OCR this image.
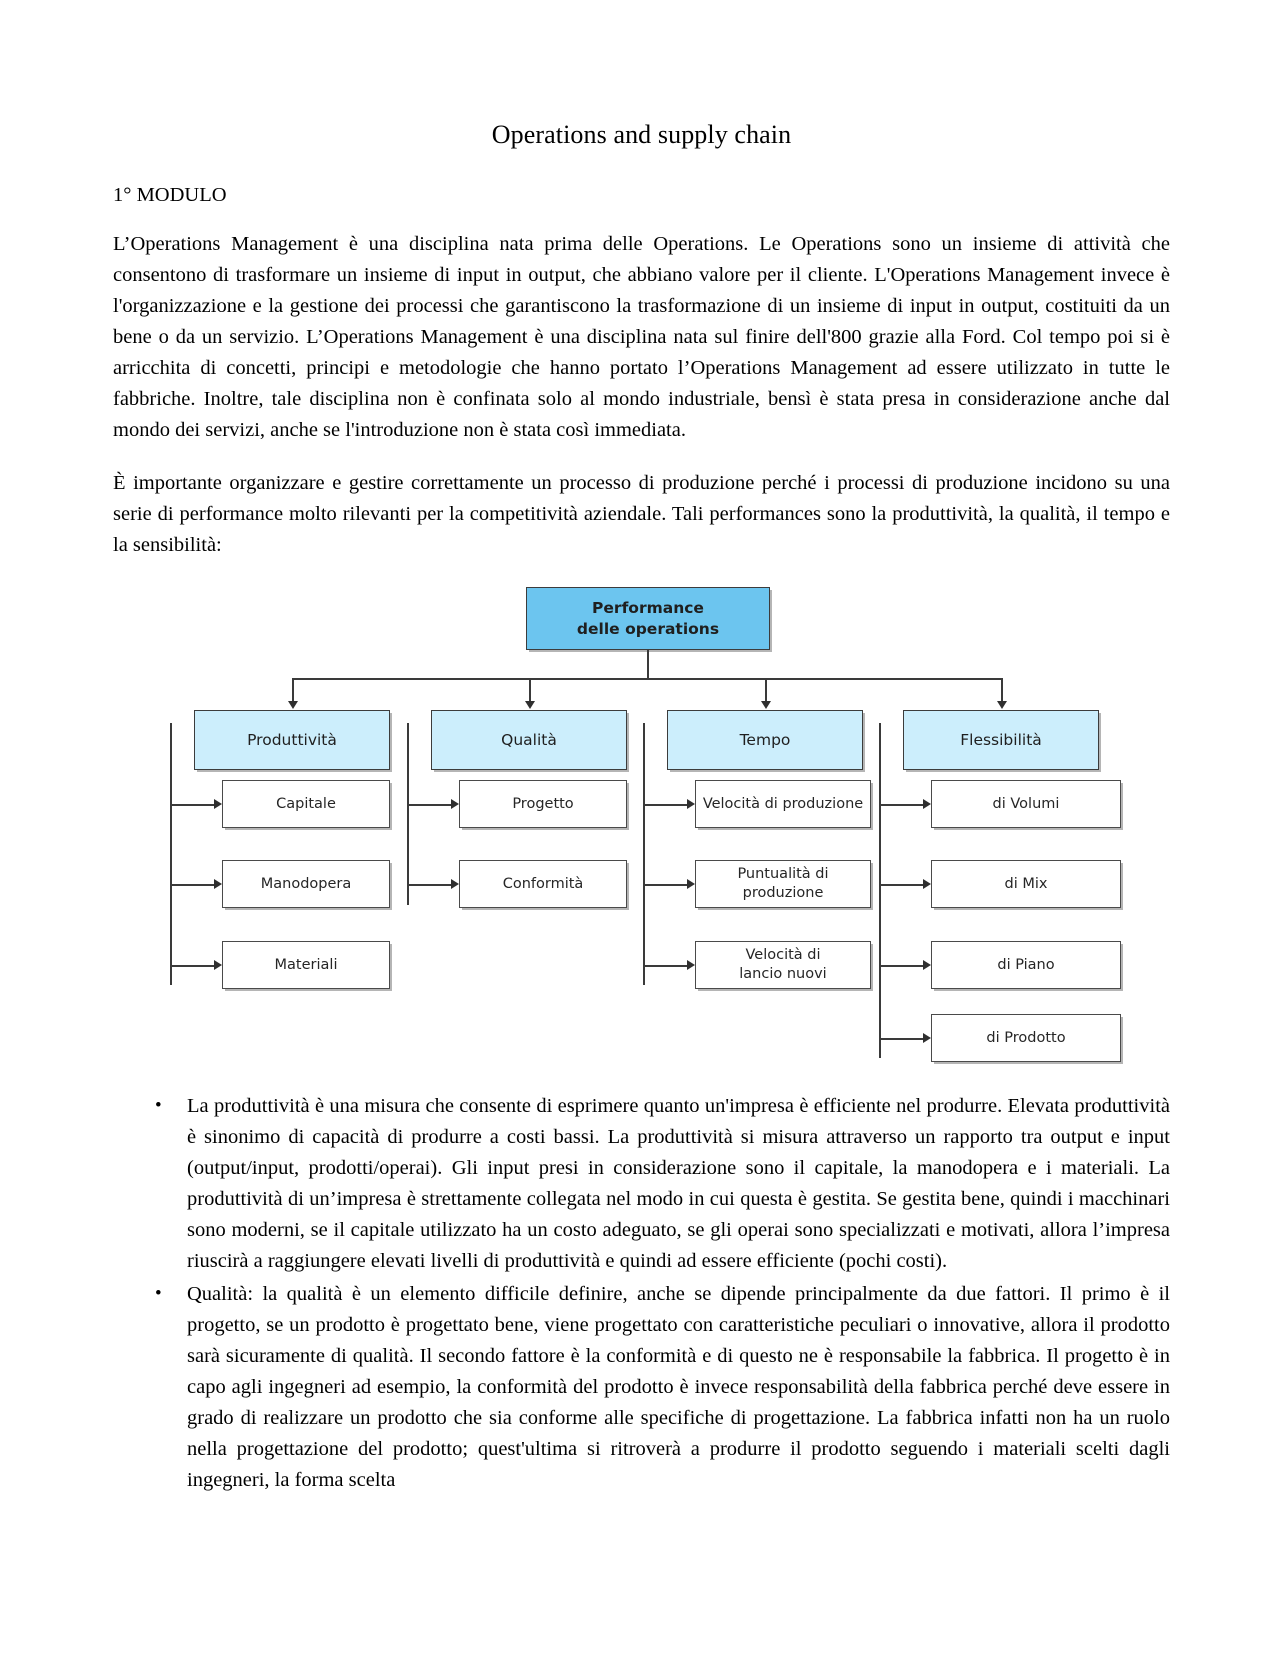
Operations and supply chain
1° MODULO

L’Operations Management è una disciplina nata prima delle Operations. Le Operations sono un insieme di attività che consentono di trasformare un insieme di input in output, che abbiano valore per il cliente. L'Operations Management invece è l'organizzazione e la gestione dei processi che garantiscono la trasformazione di un insieme di input in output, costituiti da un bene o da un servizio. L’Operations Management è una disciplina nata sul finire dell'800 grazie alla Ford. Col tempo poi si è arricchita di concetti, principi e metodologie che hanno portato l’Operations Management ad essere utilizzato in tutte le fabbriche. Inoltre, tale disciplina non è confinata solo al mondo industriale, bensì è stata presa in considerazione anche dal mondo dei servizi, anche se l'introduzione non è stata così immediata.

È importante organizzare e gestire correttamente un processo di produzione perché i processi di produzione incidono su una serie di performance molto rilevanti per la competitività aziendale. Tali performances sono la produttività, la qualità, il tempo e la sensibilità:

Performance
delle operations
Produttività	Qualità	Tempo	Flessibilità
Capitale
Manodopera
Materiali
Progetto
Conformità
Velocità di produzione
Puntualità di
produzione
Velocità di
lancio nuovi
di Volumi
di Mix
di Piano
di Prodotto
• La produttività è una misura che consente di esprimere quanto un'impresa è efficiente nel produrre. Elevata produttività è sinonimo di capacità di produrre a costi bassi. La produttività si misura attraverso un rapporto tra output e input (output/input, prodotti/operai). Gli input presi in considerazione sono il capitale, la manodopera e i materiali. La produttività di un’impresa è strettamente collegata nel modo in cui questa è gestita. Se gestita bene, quindi i macchinari sono moderni, se il capitale utilizzato ha un costo adeguato, se gli operai sono specializzati e motivati, allora l’impresa riuscirà a raggiungere elevati livelli di produttività e quindi ad essere efficiente (pochi costi).
• Qualità: la qualità è un elemento difficile definire, anche se dipende principalmente da due fattori. Il primo è il progetto, se un prodotto è progettato bene, viene progettato con caratteristiche peculiari o innovative, allora il prodotto sarà sicuramente di qualità. Il secondo fattore è la conformità e di questo ne è responsabile la fabbrica. Il progetto è in capo agli ingegneri ad esempio, la conformità del prodotto è invece responsabilità della fabbrica perché deve essere in grado di realizzare un prodotto che sia conforme alle specifiche di progettazione. La fabbrica infatti non ha un ruolo nella progettazione del prodotto; quest'ultima si ritroverà a produrre il prodotto seguendo i materiali scelti dagli ingegneri, la forma scelta
